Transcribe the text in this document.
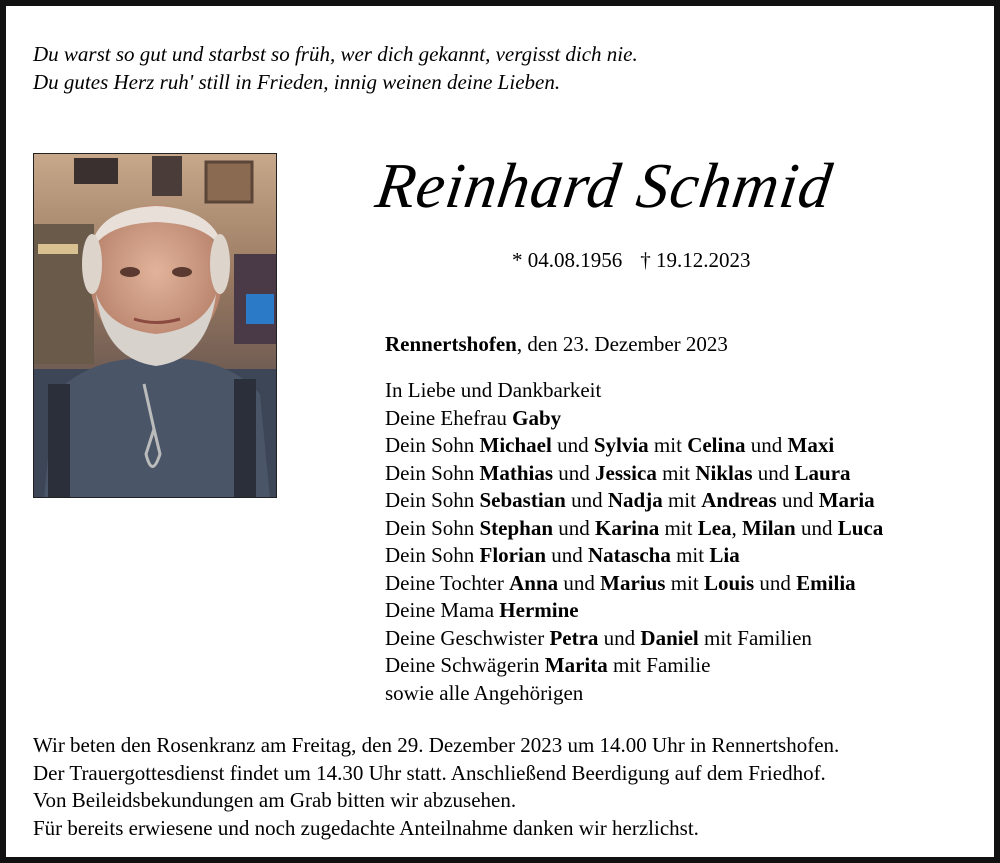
Du warst so gut und starbst so früh, wer dich gekannt, vergisst dich nie.
Du gutes Herz ruh' still in Frieden, innig weinen deine Lieben.
Reinhard Schmid
* 04.08.1956 † 19.12.2023
Rennertshofen, den 23. Dezember 2023
In Liebe und Dankbarkeit
Deine Ehefrau Gaby
Dein Sohn Michael und Sylvia mit Celina und Maxi
Dein Sohn Mathias und Jessica mit Niklas und Laura
Dein Sohn Sebastian und Nadja mit Andreas und Maria
Dein Sohn Stephan und Karina mit Lea, Milan und Luca
Dein Sohn Florian und Natascha mit Lia
Deine Tochter Anna und Marius mit Louis und Emilia
Deine Mama Hermine
Deine Geschwister Petra und Daniel mit Familien
Deine Schwägerin Marita mit Familie
sowie alle Angehörigen
Wir beten den Rosenkranz am Freitag, den 29. Dezember 2023 um 14.00 Uhr in Rennertshofen.
Der Trauergottesdienst findet um 14.30 Uhr statt. Anschließend Beerdigung auf dem Friedhof.
Von Beileidsbekundungen am Grab bitten wir abzusehen.
Für bereits erwiesene und noch zugedachte Anteilnahme danken wir herzlichst.
